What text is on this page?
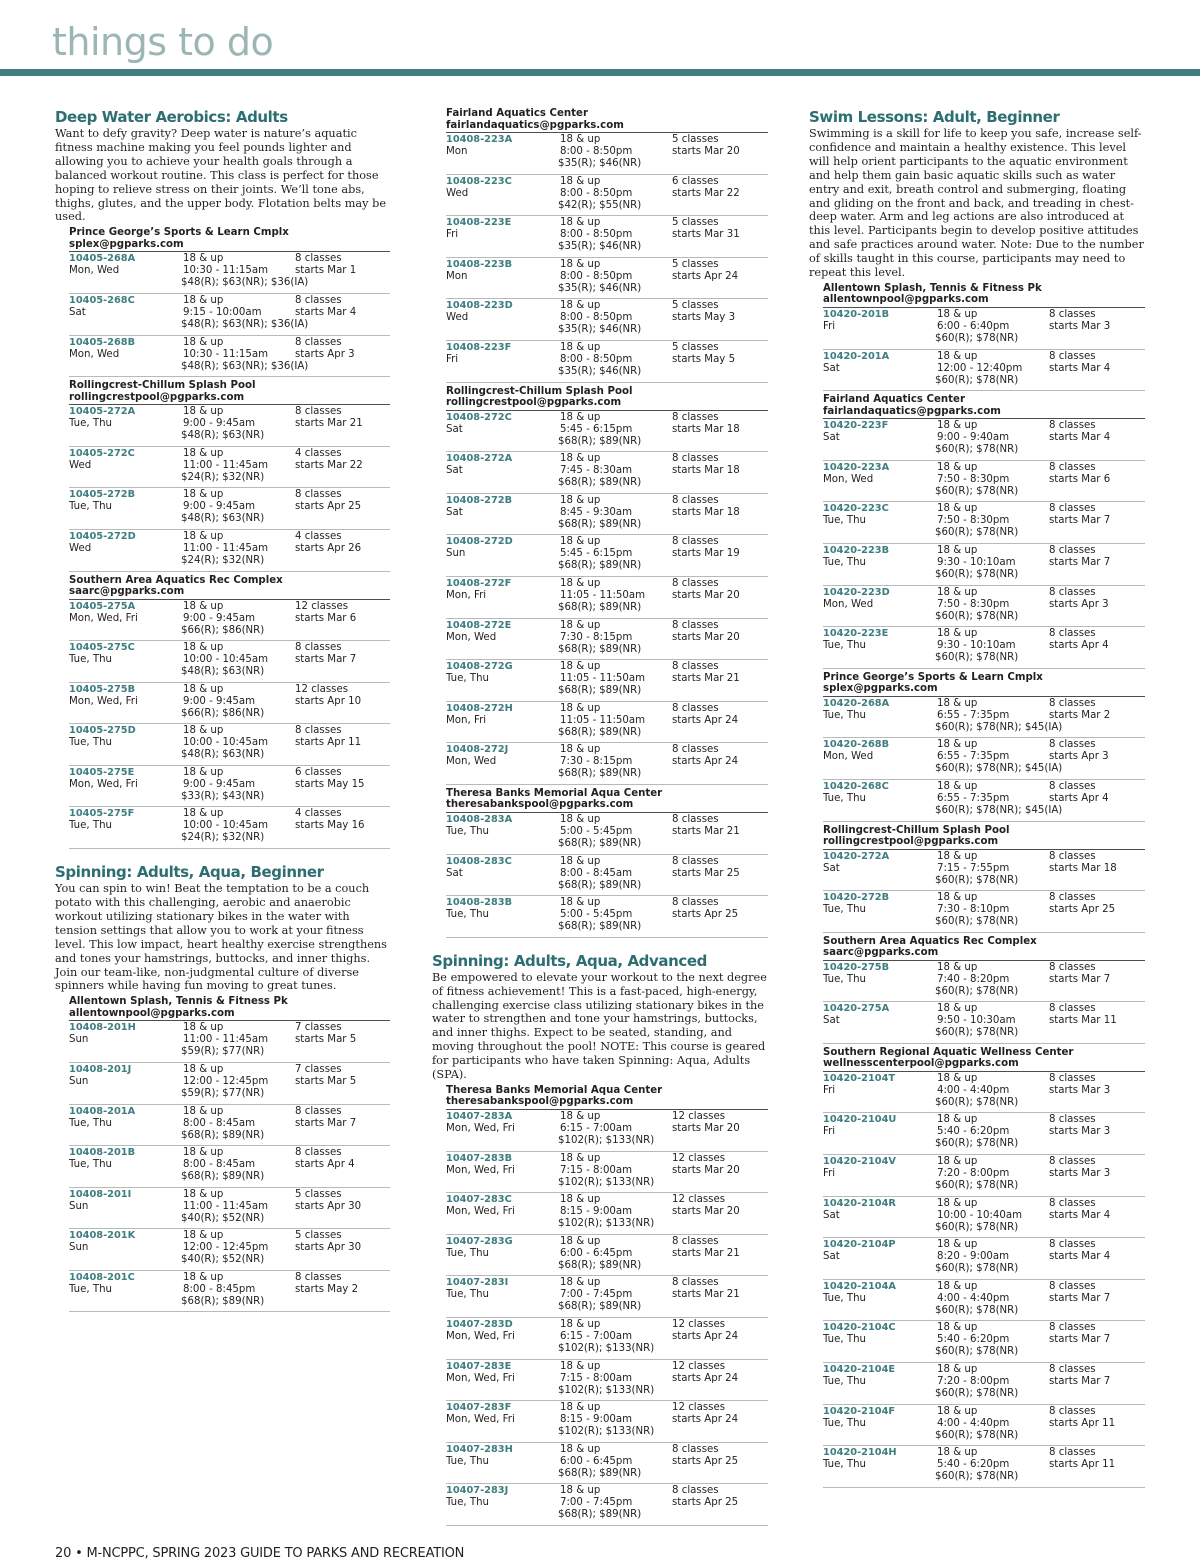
things to do
Deep Water Aerobics: Adults
Want to defy gravity? Deep water is nature’s aquatic fitness machine making you feel pounds lighter and allowing you to achieve your health goals through a balanced workout routine. This class is perfect for those hoping to relieve stress on their joints. We’ll tone abs, thighs, glutes, and the upper body. Flotation belts may be used.
Prince George’s Sports & Learn Cmplx
splex@pgparks.com
10405-268A
Mon, Wed
18 & up
10:30 - 11:15am
$48(R); $63(NR); $36(IA)
8 classes
starts Mar 1
10405-268C
Sat
18 & up
9:15 - 10:00am
$48(R); $63(NR); $36(IA)
8 classes
starts Mar 4
10405-268B
Mon, Wed
18 & up
10:30 - 11:15am
$48(R); $63(NR); $36(IA)
8 classes
starts Apr 3
Rollingcrest-Chillum Splash Pool
rollingcrestpool@pgparks.com
10405-272A
Tue, Thu
18 & up
9:00 - 9:45am
$48(R); $63(NR)
8 classes
starts Mar 21
10405-272C
Wed
18 & up
11:00 - 11:45am
$24(R); $32(NR)
4 classes
starts Mar 22
10405-272B
Tue, Thu
18 & up
9:00 - 9:45am
$48(R); $63(NR)
8 classes
starts Apr 25
10405-272D
Wed
18 & up
11:00 - 11:45am
$24(R); $32(NR)
4 classes
starts Apr 26
Southern Area Aquatics Rec Complex
saarc@pgparks.com
10405-275A
Mon, Wed, Fri
18 & up
9:00 - 9:45am
$66(R); $86(NR)
12 classes
starts Mar 6
10405-275C
Tue, Thu
18 & up
10:00 - 10:45am
$48(R); $63(NR)
8 classes
starts Mar 7
10405-275B
Mon, Wed, Fri
18 & up
9:00 - 9:45am
$66(R); $86(NR)
12 classes
starts Apr 10
10405-275D
Tue, Thu
18 & up
10:00 - 10:45am
$48(R); $63(NR)
8 classes
starts Apr 11
10405-275E
Mon, Wed, Fri
18 & up
9:00 - 9:45am
$33(R); $43(NR)
6 classes
starts May 15
10405-275F
Tue, Thu
18 & up
10:00 - 10:45am
$24(R); $32(NR)
4 classes
starts May 16
Spinning: Adults, Aqua, Beginner
You can spin to win! Beat the temptation to be a couch potato with this challenging, aerobic and anaerobic workout utilizing stationary bikes in the water with tension settings that allow you to work at your fitness level. This low impact, heart healthy exercise strengthens and tones your hamstrings, buttocks, and inner thighs. Join our team-like, non-judgmental culture of diverse spinners while having fun moving to great tunes.
Allentown Splash, Tennis & Fitness Pk
allentownpool@pgparks.com
10408-201H
Sun
18 & up
11:00 - 11:45am
$59(R); $77(NR)
7 classes
starts Mar 5
10408-201J
Sun
18 & up
12:00 - 12:45pm
$59(R); $77(NR)
7 classes
starts Mar 5
10408-201A
Tue, Thu
18 & up
8:00 - 8:45am
$68(R); $89(NR)
8 classes
starts Mar 7
10408-201B
Tue, Thu
18 & up
8:00 - 8:45am
$68(R); $89(NR)
8 classes
starts Apr 4
10408-201I
Sun
18 & up
11:00 - 11:45am
$40(R); $52(NR)
5 classes
starts Apr 30
10408-201K
Sun
18 & up
12:00 - 12:45pm
$40(R); $52(NR)
5 classes
starts Apr 30
10408-201C
Tue, Thu
18 & up
8:00 - 8:45pm
$68(R); $89(NR)
8 classes
starts May 2
Fairland Aquatics Center fairlandaquatics@pgparks.com
10408-223A
Mon
18 & up
8:00 - 8:50pm
$35(R); $46(NR)
5 classes
starts Mar 20
10408-223C
Wed
18 & up
8:00 - 8:50pm
$42(R); $55(NR)
6 classes
starts Mar 22
10408-223E
Fri
18 & up
8:00 - 8:50pm
$35(R); $46(NR)
5 classes
starts Mar 31
10408-223B
Mon
18 & up
8:00 - 8:50pm
$35(R); $46(NR)
5 classes
starts Apr 24
10408-223D
Wed
18 & up
8:00 - 8:50pm
$35(R); $46(NR)
5 classes
starts May 3
10408-223F
Fri
18 & up
8:00 - 8:50pm
$35(R); $46(NR)
5 classes
starts May 5
Rollingcrest-Chillum Splash Pool
rollingcrestpool@pgparks.com
10408-272C
Sat
18 & up
5:45 - 6:15pm
$68(R); $89(NR)
8 classes
starts Mar 18
10408-272A
Sat
18 & up
7:45 - 8:30am
$68(R); $89(NR)
8 classes
starts Mar 18
10408-272B
Sat
18 & up
8:45 - 9:30am
$68(R); $89(NR)
8 classes
starts Mar 18
10408-272D
Sun
18 & up
5:45 - 6:15pm
$68(R); $89(NR)
8 classes
starts Mar 19
10408-272F
Mon, Fri
18 & up
11:05 - 11:50am
$68(R); $89(NR)
8 classes
starts Mar 20
10408-272E
Mon, Wed
18 & up
7:30 - 8:15pm
$68(R); $89(NR)
8 classes
starts Mar 20
10408-272G
Tue, Thu
18 & up
11:05 - 11:50am
$68(R); $89(NR)
8 classes
starts Mar 21
10408-272H
Mon, Fri
18 & up
11:05 - 11:50am
$68(R); $89(NR)
8 classes
starts Apr 24
10408-272J
Mon, Wed
18 & up
7:30 - 8:15pm
$68(R); $89(NR)
8 classes
starts Apr 24
Theresa Banks Memorial Aqua Center
theresabankspool@pgparks.com
10408-283A
Tue, Thu
18 & up
5:00 - 5:45pm
$68(R); $89(NR)
8 classes
starts Mar 21
10408-283C
Sat
18 & up
8:00 - 8:45am
$68(R); $89(NR)
8 classes
starts Mar 25
10408-283B
Tue, Thu
18 & up
5:00 - 5:45pm
$68(R); $89(NR)
8 classes
starts Apr 25
Spinning: Adults, Aqua, Advanced
Be empowered to elevate your workout to the next degree of fitness achievement! This is a fast-paced, high-energy, challenging exercise class utilizing stationary bikes in the water to strengthen and tone your hamstrings, buttocks, and inner thighs. Expect to be seated, standing, and moving throughout the pool! NOTE: This course is geared for participants who have taken Spinning: Aqua, Adults (SPA).
Theresa Banks Memorial Aqua Center
theresabankspool@pgparks.com
10407-283A
Mon, Wed, Fri
18 & up
6:15 - 7:00am
$102(R); $133(NR)
12 classes
starts Mar 20
10407-283B
Mon, Wed, Fri
18 & up
7:15 - 8:00am
$102(R); $133(NR)
12 classes
starts Mar 20
10407-283C
Mon, Wed, Fri
18 & up
8:15 - 9:00am
$102(R); $133(NR)
12 classes
starts Mar 20
10407-283G
Tue, Thu
18 & up
6:00 - 6:45pm
$68(R); $89(NR)
8 classes
starts Mar 21
10407-283I
Tue, Thu
18 & up
7:00 - 7:45pm
$68(R); $89(NR)
8 classes
starts Mar 21
10407-283D
Mon, Wed, Fri
18 & up
6:15 - 7:00am
$102(R); $133(NR)
12 classes
starts Apr 24
10407-283E
Mon, Wed, Fri
18 & up
7:15 - 8:00am
$102(R); $133(NR)
12 classes
starts Apr 24
10407-283F
Mon, Wed, Fri
18 & up
8:15 - 9:00am
$102(R); $133(NR)
12 classes
starts Apr 24
10407-283H
Tue, Thu
18 & up
6:00 - 6:45pm
$68(R); $89(NR)
8 classes
starts Apr 25
10407-283J
Tue, Thu
18 & up
7:00 - 7:45pm
$68(R); $89(NR)
8 classes
starts Apr 25
Swim Lessons: Adult, Beginner
Swimming is a skill for life to keep you safe, increase self-confidence and maintain a healthy existence. This level will help orient participants to the aquatic environment and help them gain basic aquatic skills such as water entry and exit, breath control and submerging, floating and gliding on the front and back, and treading in chest-deep water. Arm and leg actions are also introduced at this level. Participants begin to develop positive attitudes and safe practices around water. Note: Due to the number of skills taught in this course, participants may need to repeat this level.
Allentown Splash, Tennis & Fitness Pk
allentownpool@pgparks.com
10420-201B
Fri
18 & up
6:00 - 6:40pm
$60(R); $78(NR)
8 classes
starts Mar 3
10420-201A
Sat
18 & up
12:00 - 12:40pm
$60(R); $78(NR)
8 classes
starts Mar 4
Fairland Aquatics Center fairlandaquatics@pgparks.com
10420-223F
Sat
18 & up
9:00 - 9:40am
$60(R); $78(NR)
8 classes
starts Mar 4
10420-223A
Mon, Wed
18 & up
7:50 - 8:30pm
$60(R); $78(NR)
8 classes
starts Mar 6
10420-223C
Tue, Thu
18 & up
7:50 - 8:30pm
$60(R); $78(NR)
8 classes
starts Mar 7
10420-223B
Tue, Thu
18 & up
9:30 - 10:10am
$60(R); $78(NR)
8 classes
starts Mar 7
10420-223D
Mon, Wed
18 & up
7:50 - 8:30pm
$60(R); $78(NR)
8 classes
starts Apr 3
10420-223E
Tue, Thu
18 & up
9:30 - 10:10am
$60(R); $78(NR)
8 classes
starts Apr 4
Prince George’s Sports & Learn Cmplx
splex@pgparks.com
10420-268A
Tue, Thu
18 & up
6:55 - 7:35pm
$60(R); $78(NR); $45(IA)
8 classes
starts Mar 2
10420-268B
Mon, Wed
18 & up
6:55 - 7:35pm
$60(R); $78(NR); $45(IA)
8 classes
starts Apr 3
10420-268C
Tue, Thu
18 & up
6:55 - 7:35pm
$60(R); $78(NR); $45(IA)
8 classes
starts Apr 4
Rollingcrest-Chillum Splash Pool
rollingcrestpool@pgparks.com
10420-272A
Sat
18 & up
7:15 - 7:55pm
$60(R); $78(NR)
8 classes
starts Mar 18
10420-272B
Tue, Thu
18 & up
7:30 - 8:10pm
$60(R); $78(NR)
8 classes
starts Apr 25
Southern Area Aquatics Rec Complex
saarc@pgparks.com
10420-275B
Tue, Thu
18 & up
7:40 - 8:20pm
$60(R); $78(NR)
8 classes
starts Mar 7
10420-275A
Sat
18 & up
9:50 - 10:30am
$60(R); $78(NR)
8 classes
starts Mar 11
Southern Regional Aquatic Wellness Center
wellnesscenterpool@pgparks.com
10420-2104T
Fri
18 & up
4:00 - 4:40pm
$60(R); $78(NR)
8 classes
starts Mar 3
10420-2104U
Fri
18 & up
5:40 - 6:20pm
$60(R); $78(NR)
8 classes
starts Mar 3
10420-2104V
Fri
18 & up
7:20 - 8:00pm
$60(R); $78(NR)
8 classes
starts Mar 3
10420-2104R
Sat
18 & up
10:00 - 10:40am
$60(R); $78(NR)
8 classes
starts Mar 4
10420-2104P
Sat
18 & up
8:20 - 9:00am
$60(R); $78(NR)
8 classes
starts Mar 4
10420-2104A
Tue, Thu
18 & up
4:00 - 4:40pm
$60(R); $78(NR)
8 classes
starts Mar 7
10420-2104C
Tue, Thu
18 & up
5:40 - 6:20pm
$60(R); $78(NR)
8 classes
starts Mar 7
10420-2104E
Tue, Thu
18 & up
7:20 - 8:00pm
$60(R); $78(NR)
8 classes
starts Mar 7
10420-2104F
Tue, Thu
18 & up
4:00 - 4:40pm
$60(R); $78(NR)
8 classes
starts Apr 11
10420-2104H
Tue, Thu
18 & up
5:40 - 6:20pm
$60(R); $78(NR)
8 classes
starts Apr 11
20 • M-NCPPC, SPRING 2023 GUIDE TO PARKS AND RECREATION
